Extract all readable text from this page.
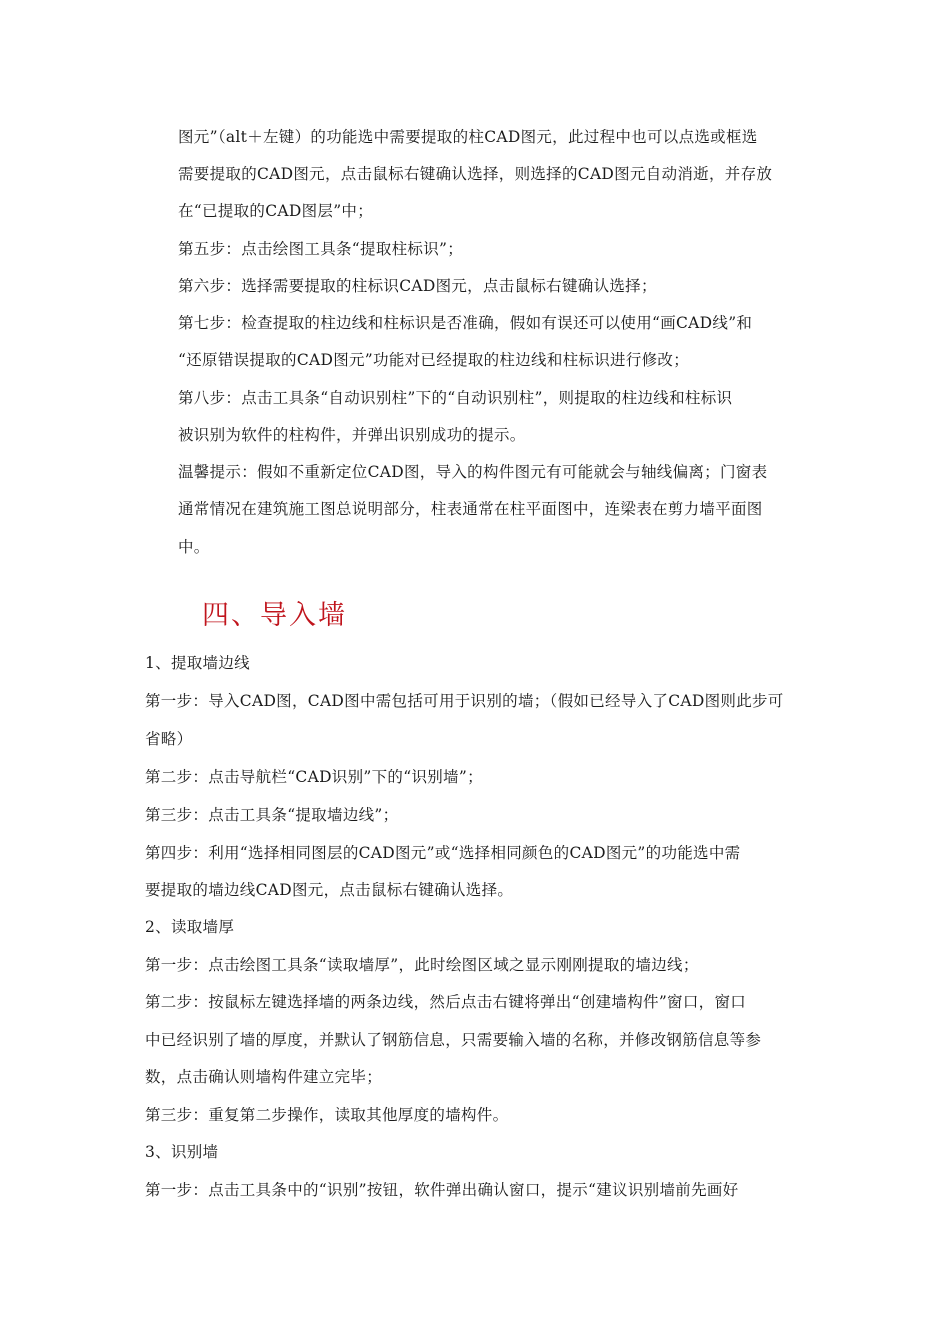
图元”（alt＋左键）的功能选中需要提取的柱CAD图元，此过程中也可以点选或框选
需要提取的CAD图元，点击鼠标右键确认选择，则选择的CAD图元自动消逝，并存放
在“已提取的CAD图层”中；
第五步：点击绘图工具条“提取柱标识”；
第六步：选择需要提取的柱标识CAD图元，点击鼠标右键确认选择；
第七步：检查提取的柱边线和柱标识是否准确，假如有误还可以使用“画CAD线”和
“还原错误提取的CAD图元”功能对已经提取的柱边线和柱标识进行修改；
第八步：点击工具条“自动识别柱”下的“自动识别柱”，则提取的柱边线和柱标识
被识别为软件的柱构件，并弹出识别成功的提示。
温馨提示：假如不重新定位CAD图，导入的构件图元有可能就会与轴线偏离；门窗表
通常情况在建筑施工图总说明部分，柱表通常在柱平面图中，连梁表在剪力墙平面图
中。
四、导入墙
1、提取墙边线
第一步：导入CAD图，CAD图中需包括可用于识别的墙；（假如已经导入了CAD图则此步可
省略）
第二步：点击导航栏“CAD识别”下的“识别墙”；
第三步：点击工具条“提取墙边线”；
第四步：利用“选择相同图层的CAD图元”或“选择相同颜色的CAD图元”的功能选中需
要提取的墙边线CAD图元，点击鼠标右键确认选择。
2、读取墙厚
第一步：点击绘图工具条“读取墙厚”，此时绘图区域之显示刚刚提取的墙边线；
第二步：按鼠标左键选择墙的两条边线，然后点击右键将弹出“创建墙构件”窗口，窗口
中已经识别了墙的厚度，并默认了钢筋信息，只需要输入墙的名称，并修改钢筋信息等参
数，点击确认则墙构件建立完毕；
第三步：重复第二步操作，读取其他厚度的墙构件。
3、识别墙
第一步：点击工具条中的“识别”按钮，软件弹出确认窗口，提示“建议识别墙前先画好
